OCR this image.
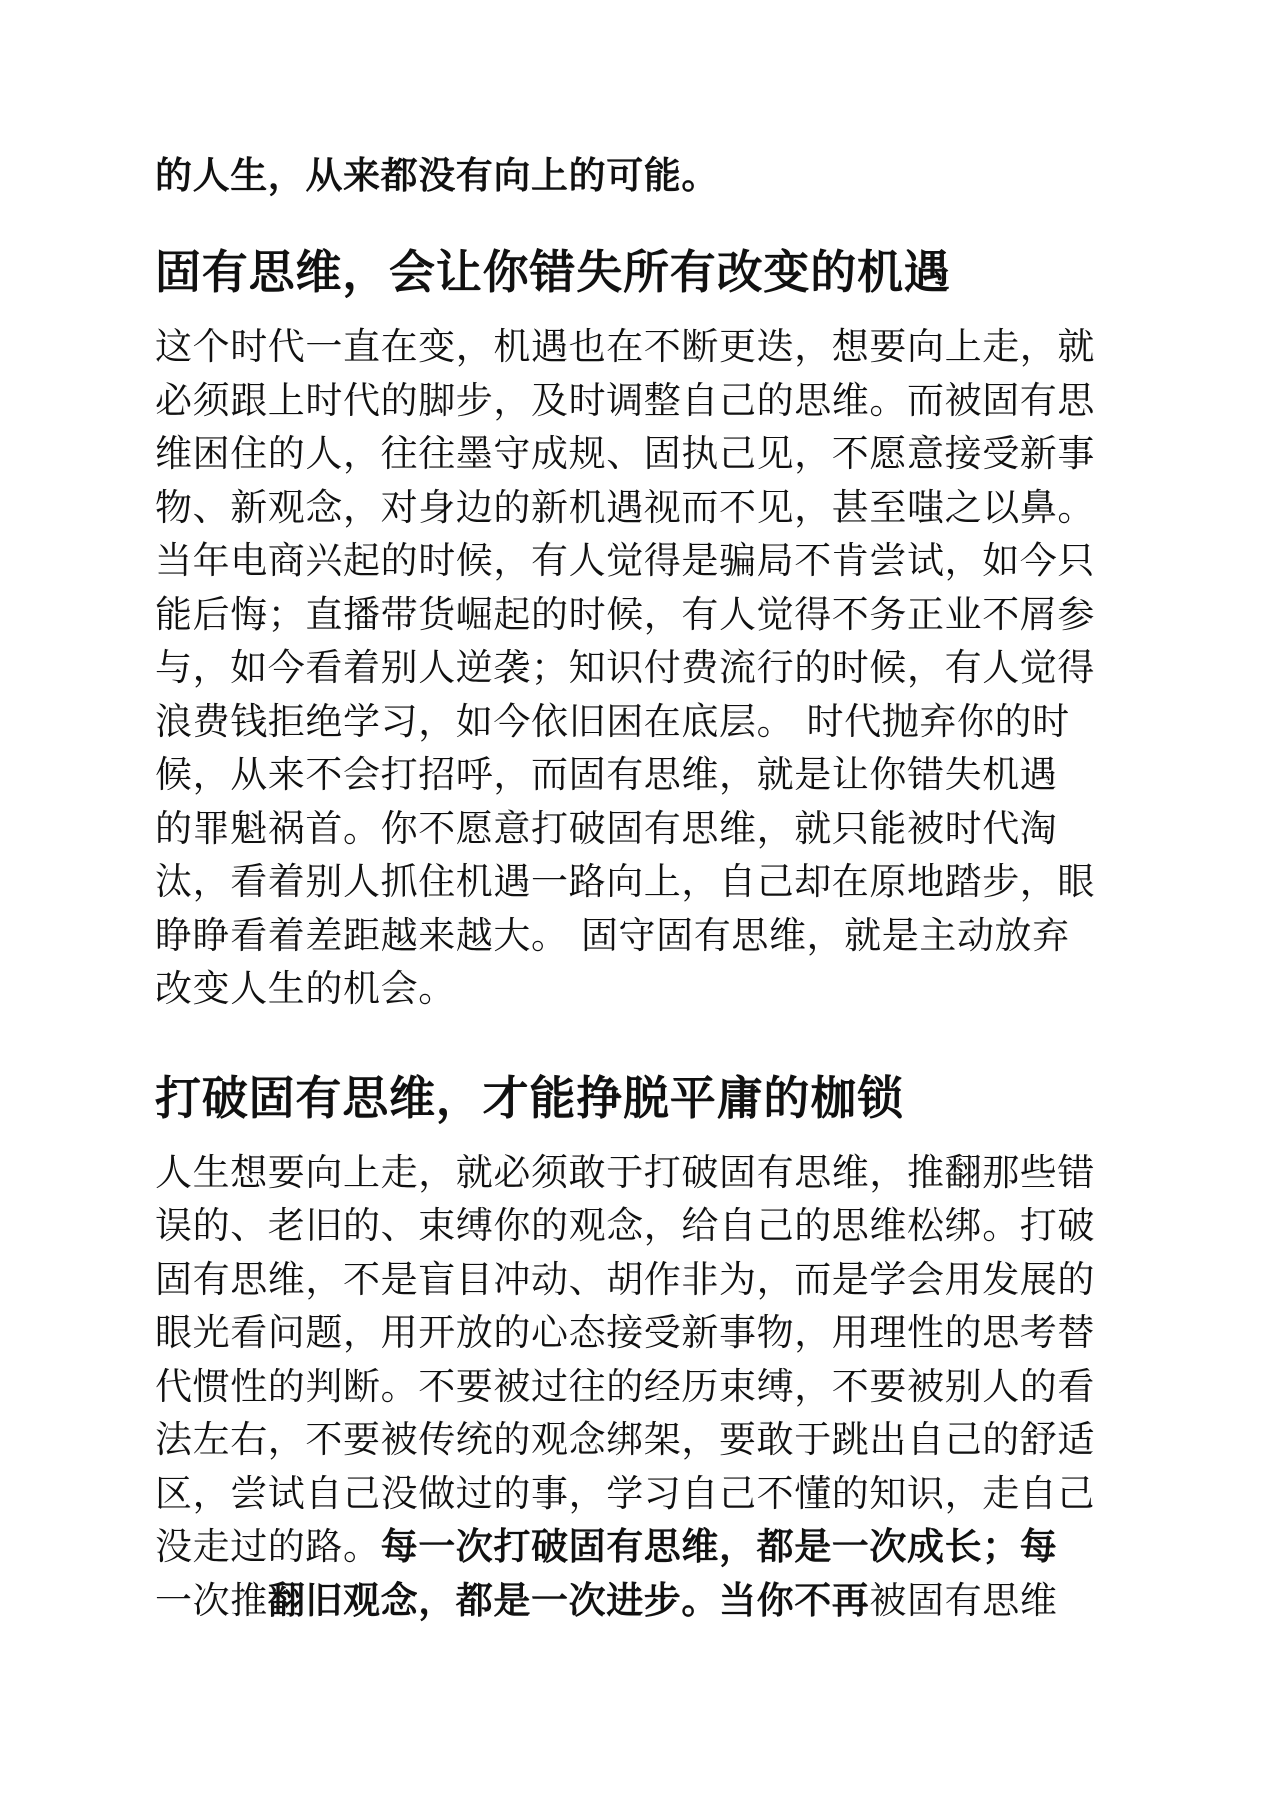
的人生，从来都没有向上的可能。

固有思维，会让你错失所有改变的机遇

这个时代一直在变，机遇也在不断更迭，想要向上走，就
必须跟上时代的脚步，及时调整自己的思维。而被固有思
维困住的人，往往墨守成规、固执己见，不愿意接受新事
物、新观念，对身边的新机遇视而不见，甚至嗤之以鼻。
当年电商兴起的时候，有人觉得是骗局不肯尝试，如今只
能后悔；直播带货崛起的时候，有人觉得不务正业不屑参
与，如今看着别人逆袭；知识付费流行的时候，有人觉得
浪费钱拒绝学习，如今依旧困在底层。 时代抛弃你的时
候，从来不会打招呼，而固有思维，就是让你错失机遇
的罪魁祸首。你不愿意打破固有思维，就只能被时代淘
汰，看着别人抓住机遇一路向上，自己却在原地踏步，眼
睁睁看着差距越来越大。 固守固有思维，就是主动放弃
改变人生的机会。

打破固有思维，才能挣脱平庸的枷锁

人生想要向上走，就必须敢于打破固有思维，推翻那些错
误的、老旧的、束缚你的观念，给自己的思维松绑。打破
固有思维，不是盲目冲动、胡作非为，而是学会用发展的
眼光看问题，用开放的心态接受新事物，用理性的思考替
代惯性的判断。不要被过往的经历束缚，不要被别人的看
法左右，不要被传统的观念绑架，要敢于跳出自己的舒适
区，尝试自己没做过的事，学习自己不懂的知识，走自己
没走过的路。每一次打破固有思维，都是一次成长；每
一次推翻旧观念，都是一次进步。当你不再被固有思维
